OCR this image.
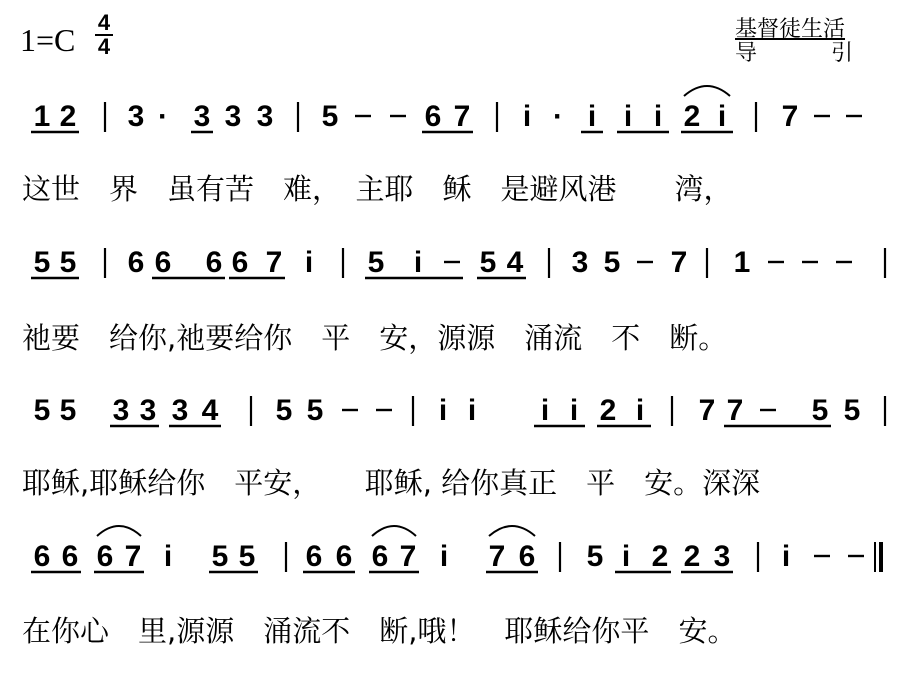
1=C 4
4
基督徒生活
导	引
1 2 3 · 3 3 3 5	6 7 i · i i i 2 i 7
5 5 6 6 6 6 7 i 5 i 5 4 3 5 7 1
5 5 3 3 3 4 5 5	i i i i 2 i 7 7 5 5
6 6 6 7 i 5 5 6 6 6 7 i 7 6 5 i 2 2 3 i
这世　界　虽有苦　难，　主耶　稣　是避风港　　湾，
祂要　给你,祂要给你　平　安，源源　涌流　不　断。
耶稣,耶稣给你　平安，　　耶稣, 给你真正　平　安。深深
在你心　里,源源　涌流不　断,哦！　耶稣给你平　安。
